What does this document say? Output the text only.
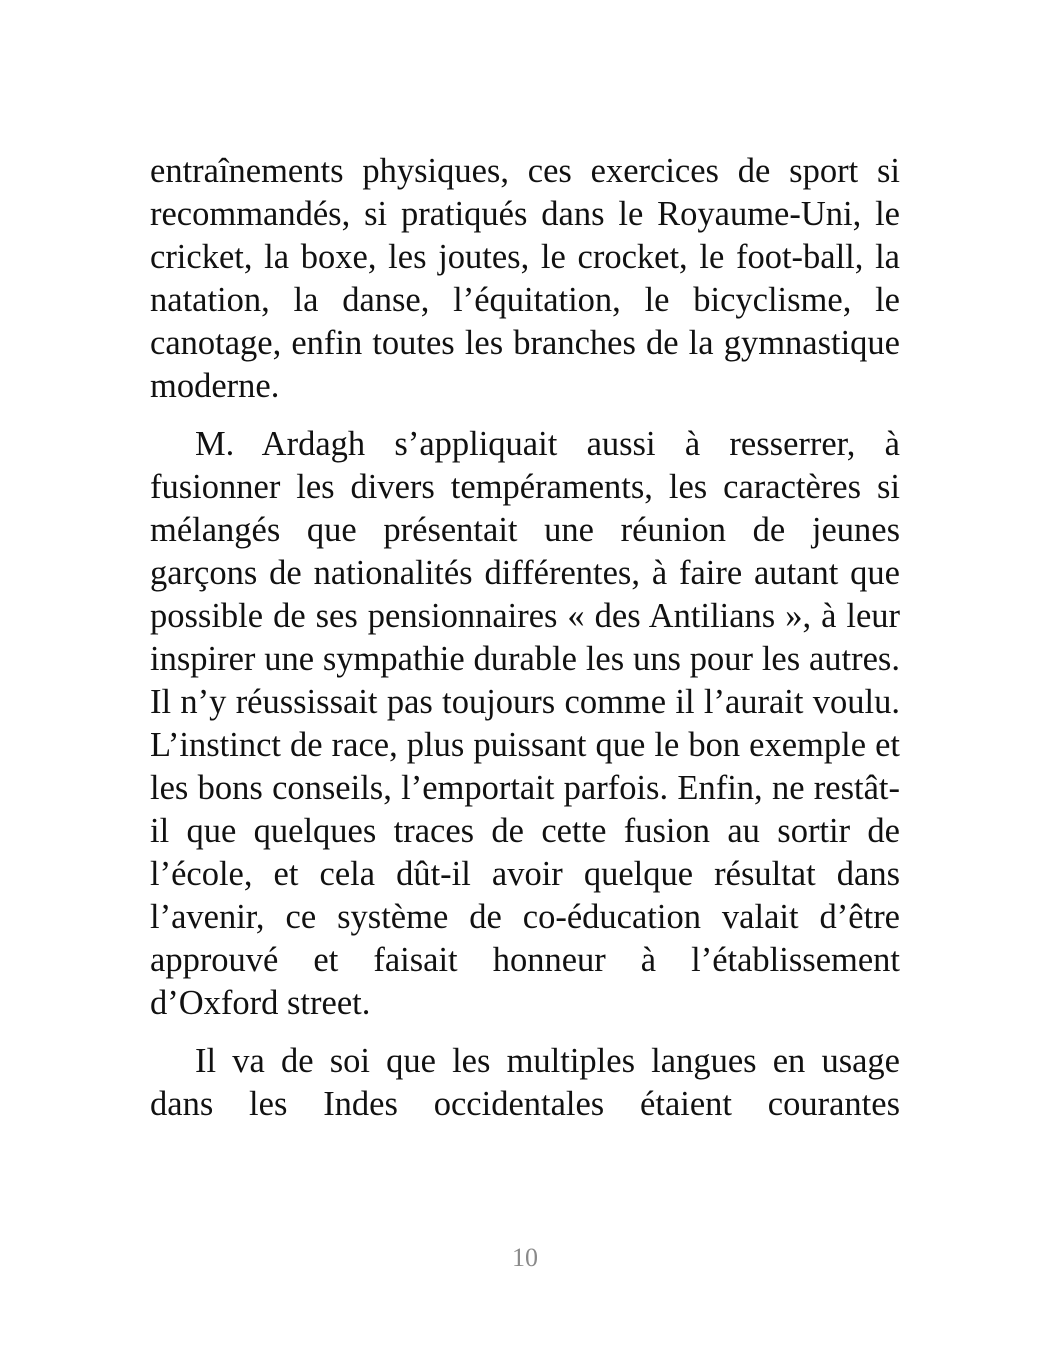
entraînements physiques, ces exercices de sport si recommandés, si pratiqués dans le Royaume-Uni, le cricket, la boxe, les joutes, le crocket, le foot-ball, la natation, la danse, l’équitation, le bicyclisme, le canotage, enfin toutes les branches de la gymnastique moderne.

M. Ardagh s’appliquait aussi à resserrer, à fusionner les divers tempéraments, les caractères si mélangés que présentait une réunion de jeunes garçons de nationalités différentes, à faire autant que possible de ses pensionnaires « des Antilians », à leur inspirer une sympathie durable les uns pour les autres. Il n’y réussissait pas toujours comme il l’aurait voulu. L’instinct de race, plus puissant que le bon exemple et les bons conseils, l’emportait parfois. Enfin, ne restât-il que quelques traces de cette fusion au sortir de l’école, et cela dût-il avoir quelque résultat dans l’avenir, ce système de co-éducation valait d’être approuvé et faisait honneur à l’établissement d’Oxford street.

Il va de soi que les multiples langues en usage dans les Indes occidentales étaient courantes

10
